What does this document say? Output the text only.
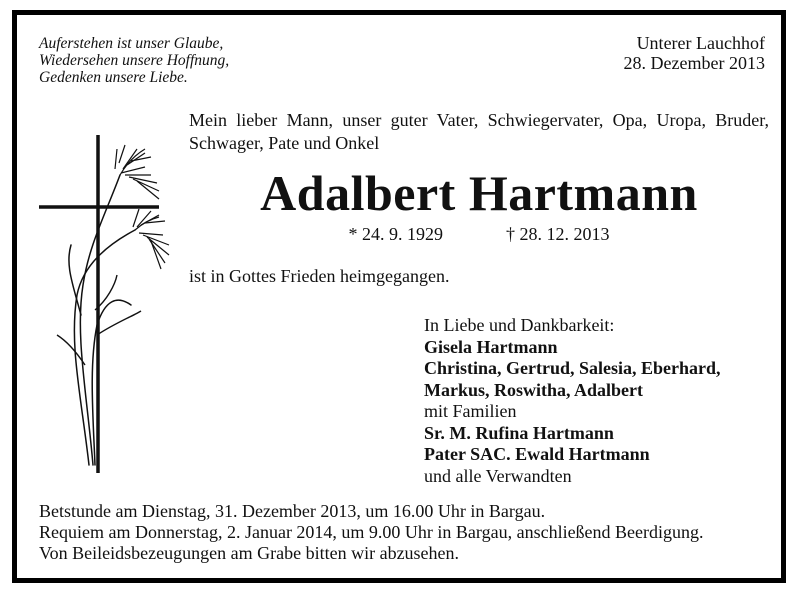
Auferstehen ist unser Glaube,
Wiedersehen unsere Hoffnung,
Gedenken unsere Liebe.
Unterer Lauchhof
28. Dezember 2013
Mein lieber Mann, unser guter Vater, Schwiegervater, Opa, Uropa, Bruder, Schwager, Pate und Onkel
Adalbert Hartmann
* 24. 9. 1929	† 28. 12. 2013
ist in Gottes Frieden heimgegangen.
In Liebe und Dankbarkeit:
Gisela Hartmann
Christina, Gertrud, Salesia, Eberhard,
Markus, Roswitha, Adalbert
mit Familien
Sr. M. Rufina Hartmann
Pater SAC. Ewald Hartmann
und alle Verwandten
Betstunde am Dienstag, 31. Dezember 2013, um 16.00 Uhr in Bargau.
Requiem am Donnerstag, 2. Januar 2014, um 9.00 Uhr in Bargau, anschließend Beerdigung.
Von Beileidsbezeugungen am Grabe bitten wir abzusehen.
